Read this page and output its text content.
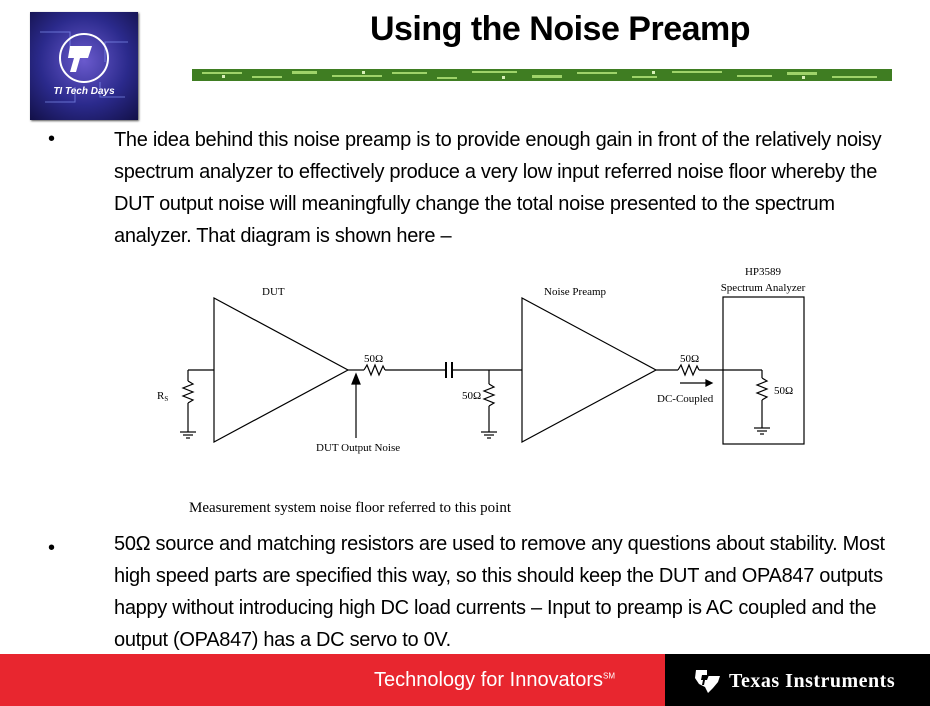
TI Tech Days
Using the Noise Preamp
•	The idea behind this noise preamp is to provide enough gain in front of the relatively noisy spectrum analyzer to effectively produce a very low input referred noise floor whereby the DUT output noise will meaningfully change the total noise presented to the spectrum analyzer. That diagram is shown here –
DUT
RS
50Ω
50Ω
DUT Output Noise
Noise Preamp
50Ω
DC-Coupled
HP3589
Spectrum Analyzer
50Ω
Measurement system noise floor referred to this point
•	50Ω source and matching resistors are used to remove any questions about stability. Most high speed parts are specified this way, so this should keep the DUT and OPA847 outputs happy without introducing high DC load currents – Input to preamp is AC coupled and the output (OPA847) has a DC servo to 0V.
Technology for Innovators℠	Texas Instruments
